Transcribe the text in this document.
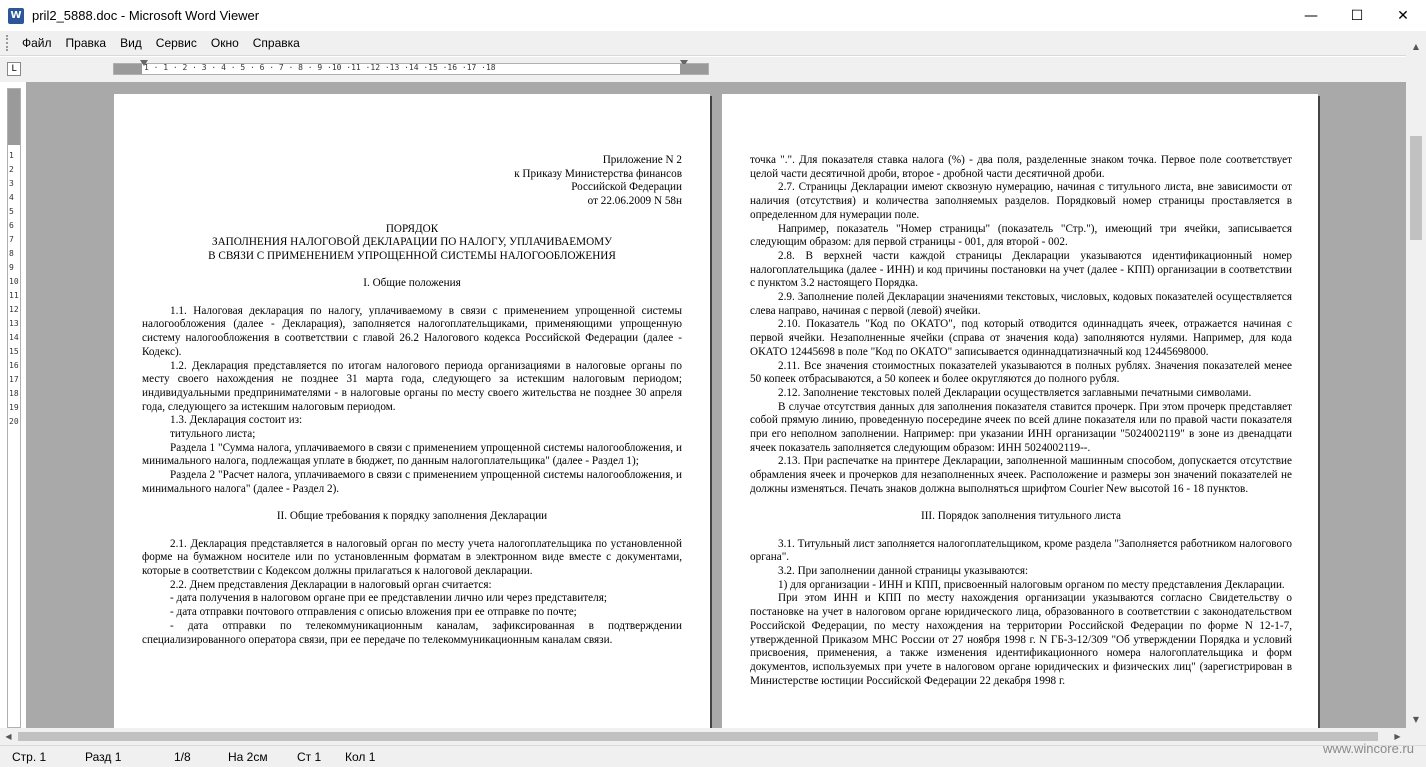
W pril2_5888.doc - Microsoft Word Viewer	—	☐	✕
Файл Правка Вид Сервис Окно Справка
L	1 · 1 · 2 · 3 · 4 · 5 · 6 · 7 · 8 · 9 ·10 ·11 ·12 ·13 ·14 ·15 ·16 ·17 ·18
1
2
3
4
5
6
7
8
9
10
11
12
13
14
15
16
17
18
19
20
Приложение N 2
к Приказу Министерства финансов
Российской Федерации
от 22.06.2009 N 58н
ПОРЯДОК
ЗАПОЛНЕНИЯ НАЛОГОВОЙ ДЕКЛАРАЦИИ ПО НАЛОГУ, УПЛАЧИВАЕМОМУ
В СВЯЗИ С ПРИМЕНЕНИЕМ УПРОЩЕННОЙ СИСТЕМЫ НАЛОГООБЛОЖЕНИЯ
I. Общие положения

1.1. Налоговая декларация по налогу, уплачиваемому в связи с применением упрощенной системы налогообложения (далее - Декларация), заполняется налогоплательщиками, применяющими упрощенную систему налогообложения в соответствии с главой 26.2 Налогового кодекса Российской Федерации (далее - Кодекс).

1.2. Декларация представляется по итогам налогового периода организациями в налоговые органы по месту своего нахождения не позднее 31 марта года, следующего за истекшим налоговым периодом; индивидуальными предпринимателями - в налоговые органы по месту своего жительства не позднее 30 апреля года, следующего за истекшим налоговым периодом.

1.3. Декларация состоит из:

титульного листа;

Раздела 1 "Сумма налога, уплачиваемого в связи с применением упрощенной системы налогообложения, и минимального налога, подлежащая уплате в бюджет, по данным налогоплательщика" (далее - Раздел 1);

Раздела 2 "Расчет налога, уплачиваемого в связи с применением упрощенной системы налогообложения, и минимального налога" (далее - Раздел 2).

II. Общие требования к порядку заполнения Декларации

2.1. Декларация представляется в налоговый орган по месту учета налогоплательщика по установленной форме на бумажном носителе или по установленным форматам в электронном виде вместе с документами, которые в соответствии с Кодексом должны прилагаться к налоговой декларации.

2.2. Днем представления Декларации в налоговый орган считается:

- дата получения в налоговом органе при ее представлении лично или через представителя;

- дата отправки почтового отправления с описью вложения при ее отправке по почте;

- дата отправки по телекоммуникационным каналам, зафиксированная в подтверждении специализированного оператора связи, при ее передаче по телекоммуникационным каналам связи.

точка ".". Для показателя ставка налога (%) - два поля, разделенные знаком точка. Первое поле соответствует целой части десятичной дроби, второе - дробной части десятичной дроби.

2.7. Страницы Декларации имеют сквозную нумерацию, начиная с титульного листа, вне зависимости от наличия (отсутствия) и количества заполняемых разделов. Порядковый номер страницы проставляется в определенном для нумерации поле.

Например, показатель "Номер страницы" (показатель "Стр."), имеющий три ячейки, записывается следующим образом: для первой страницы - 001, для второй - 002.

2.8. В верхней части каждой страницы Декларации указываются идентификационный номер налогоплательщика (далее - ИНН) и код причины постановки на учет (далее - КПП) организации в соответствии с пунктом 3.2 настоящего Порядка.

2.9. Заполнение полей Декларации значениями текстовых, числовых, кодовых показателей осуществляется слева направо, начиная с первой (левой) ячейки.

2.10. Показатель "Код по ОКАТО", под который отводится одиннадцать ячеек, отражается начиная с первой ячейки. Незаполненные ячейки (справа от значения кода) заполняются нулями. Например, для кода ОКАТО 12445698 в поле "Код по ОКАТО" записывается одиннадцатизначный код 12445698000.

2.11. Все значения стоимостных показателей указываются в полных рублях. Значения показателей менее 50 копеек отбрасываются, а 50 копеек и более округляются до полного рубля.

2.12. Заполнение текстовых полей Декларации осуществляется заглавными печатными символами.

В случае отсутствия данных для заполнения показателя ставится прочерк. При этом прочерк представляет собой прямую линию, проведенную посередине ячеек по всей длине показателя или по правой части показателя при его неполном заполнении. Например: при указании ИНН организации "5024002119" в зоне из двенадцати ячеек показатель заполняется следующим образом: ИНН 5024002119--.

2.13. При распечатке на принтере Декларации, заполненной машинным способом, допускается отсутствие обрамления ячеек и прочерков для незаполненных ячеек. Расположение и размеры зон значений показателей не должны изменяться. Печать знаков должна выполняться шрифтом Courier New высотой 16 - 18 пунктов.

III. Порядок заполнения титульного листа

3.1. Титульный лист заполняется налогоплательщиком, кроме раздела "Заполняется работником налогового органа".

3.2. При заполнении данной страницы указываются:

1) для организации - ИНН и КПП, присвоенный налоговым органом по месту представления Декларации.

При этом ИНН и КПП по месту нахождения организации указываются согласно Свидетельству о постановке на учет в налоговом органе юридического лица, образованного в соответствии с законодательством Российской Федерации, по месту нахождения на территории Российской Федерации по форме N 12-1-7, утвержденной Приказом МНС России от 27 ноября 1998 г. N ГБ-3-12/309 "Об утверждении Порядка и условий присвоения, применения, а также изменения идентификационного номера налогоплательщика и форм документов, используемых при учете в налоговом органе юридических и физических лиц" (зарегистрирован в Министерстве юстиции Российской Федерации 22 декабря 1998 г.

▲
▼
◀	▶
Стр. 1	Разд 1	1/8	На 2см Ст 1 Кол 1
www.wincore.ru
